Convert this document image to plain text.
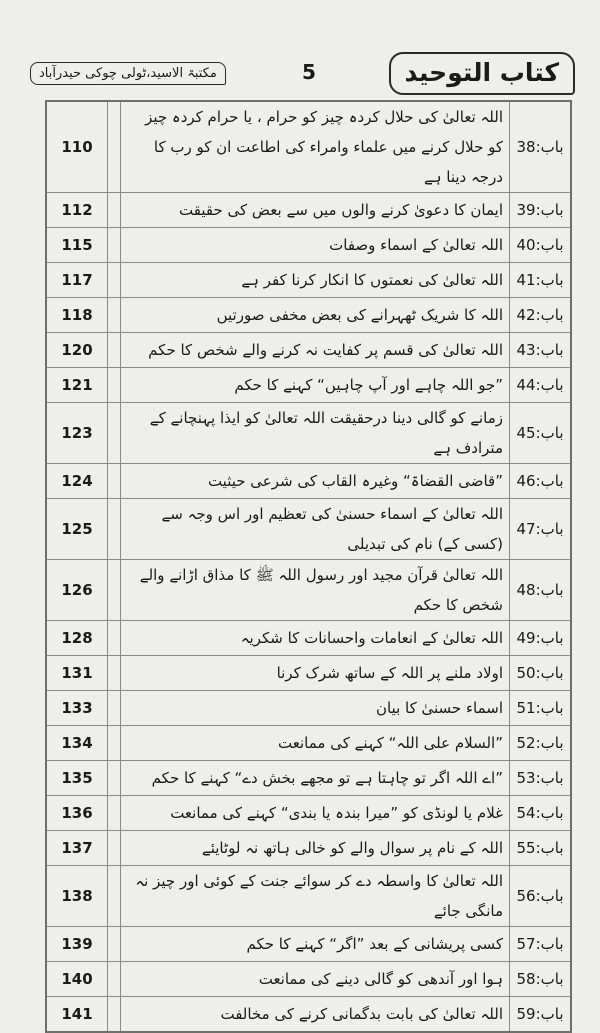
مکتبۃ الاسید،ٹولی چوکی حیدرآباد	5	كتاب التوحيد
110		اللہ تعالیٰ کی حلال کردہ چیز کو حرام ، یا حرام کردہ چیز کو حلال کرنے میں علماء وامراء کی اطاعت ان کو رب کا درجہ دینا ہے	باب:38
112		ایمان کا دعویٰ کرنے والوں میں سے بعض کی حقیقت	باب:39
115		اللہ تعالیٰ کے اسماء وصفات	باب:40
117		اللہ تعالیٰ کی نعمتوں کا انکار کرنا کفر ہے	باب:41
118		اللہ کا شریک ٹھہرانے کی بعض مخفی صورتیں	باب:42
120		اللہ تعالیٰ کی قسم پر کفایت نہ کرنے والے شخص کا حکم	باب:43
121		”جو اللہ چاہے اور آپ چاہیں“ کہنے کا حکم	باب:44
123		زمانے کو گالی دینا درحقیقت اللہ تعالیٰ کو ایذا پہنچانے کے مترادف ہے	باب:45
124		”قاضی القضاۃ“ وغیرہ القاب کی شرعی حیثیت	باب:46
125		اللہ تعالیٰ کے اسماء حسنیٰ کی تعظیم اور اس وجہ سے (کسی کے) نام کی تبدیلی	باب:47
126		اللہ تعالیٰ قرآن مجید اور رسول اللہ ﷺ کا مذاق اڑانے والے شخص کا حکم	باب:48
128		اللہ تعالیٰ کے انعامات واحسانات کا شکریہ	باب:49
131		اولاد ملنے پر اللہ کے ساتھ شرک کرنا	باب:50
133		اسماء حسنیٰ کا بیان	باب:51
134		”السلام علی اللہ“ کہنے کی ممانعت	باب:52
135		”اے اللہ اگر تو چاہتا ہے تو مجھے بخش دے“ کہنے کا حکم	باب:53
136		غلام یا لونڈی کو ”میرا بندہ یا بندی“ کہنے کی ممانعت	باب:54
137		اللہ کے نام پر سوال والے کو خالی ہاتھ نہ لوٹایئے	باب:55
138		اللہ تعالیٰ کا واسطہ دے کر سوائے جنت کے کوئی اور چیز نہ مانگی جائے	باب:56
139		کسی پریشانی کے بعد ”اگر“ کہنے کا حکم	باب:57
140		ہوا اور آندھی کو گالی دینے کی ممانعت	باب:58
141		اللہ تعالیٰ کی بابت بدگمانی کرنے کی مخالفت	باب:59
